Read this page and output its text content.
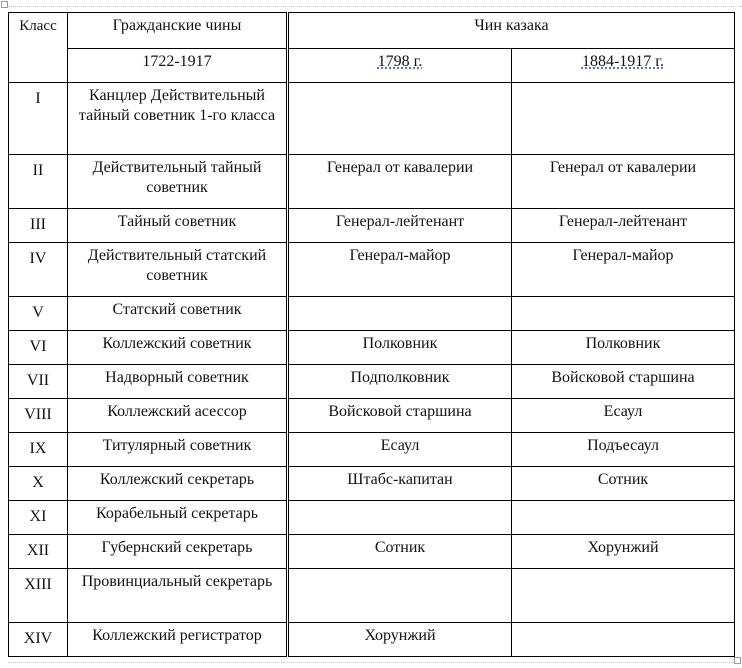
Класс	Гражданские чины	Чин казака	
	1722-1917	1798 г.	1884-1917 г.
I	Канцлер Действительный тайный советник 1-го класса		
II	Действительный тайный советник	Генерал от кавалерии	Генерал от кавалерии
III	Тайный советник	Генерал-лейтенант	Генерал-лейтенант
IV	Действительный статский советник	Генерал-майор	Генерал-майор
V	Статский советник		
VI	Коллежский советник	Полковник	Полковник
VII	Надворный советник	Подполковник	Войсковой старшина
VIII	Коллежский асессор	Войсковой старшина	Есаул
IX	Титулярный советник	Есаул	Подъесаул
X	Коллежский секретарь	Штабс-капитан	Сотник
XI	Корабельный секретарь		
XII	Губернский секретарь	Сотник	Хорунжий
XIII	Провинциальный секретарь		
XIV	Коллежский регистратор	Хорунжий	
